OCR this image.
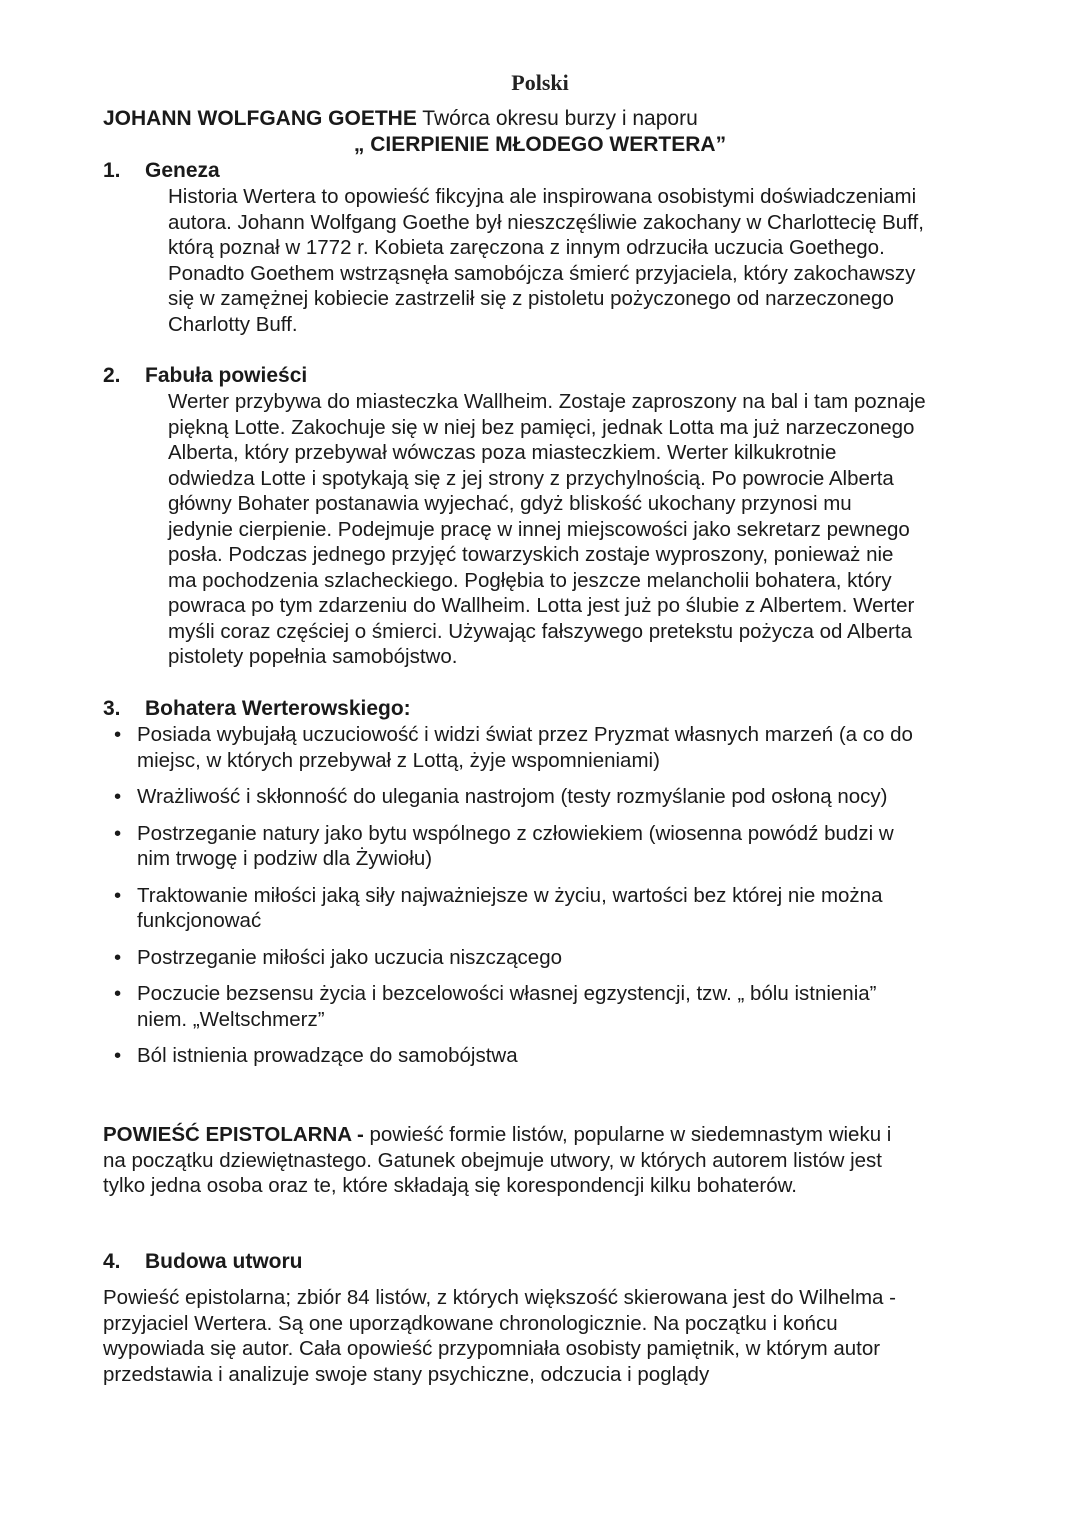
Polski
JOHANN WOLFGANG GOETHE Twórca okresu burzy i naporu
„ CIERPIENIE MŁODEGO WERTERA”
1. Geneza
Historia Wertera to opowieść fikcyjna ale inspirowana osobistymi doświadczeniami
autora. Johann Wolfgang Goethe był nieszczęśliwie zakochany w Charlottecię Buff,
którą poznał w 1772 r. Kobieta zaręczona z innym odrzuciła uczucia Goethego.
Ponadto Goethem wstrząsnęła samobójcza śmierć przyjaciela, który zakochawszy
się w zamężnej kobiecie zastrzelił się z pistoletu pożyczonego od narzeczonego
Charlotty Buff.
2. Fabuła powieści
Werter przybywa do miasteczka Wallheim. Zostaje zaproszony na bal i tam poznaje
piękną Lotte. Zakochuje się w niej bez pamięci, jednak Lotta ma już narzeczonego
Alberta, który przebywał wówczas poza miasteczkiem. Werter kilkukrotnie
odwiedza Lotte i spotykają się z jej strony z przychylnością. Po powrocie Alberta
główny Bohater postanawia wyjechać, gdyż bliskość ukochany przynosi mu
jedynie cierpienie. Podejmuje pracę w innej miejscowości jako sekretarz pewnego
posła. Podczas jednego przyjęć towarzyskich zostaje wyproszony, ponieważ nie
ma pochodzenia szlacheckiego. Pogłębia to jeszcze melancholii bohatera, który
powraca po tym zdarzeniu do Wallheim. Lotta jest już po ślubie z Albertem. Werter
myśli coraz częściej o śmierci. Używając fałszywego pretekstu pożycza od Alberta
pistolety popełnia samobójstwo.
3. Bohatera Werterowskiego:
• Posiada wybujałą uczuciowość i widzi świat przez Pryzmat własnych marzeń (a co do
miejsc, w których przebywał z Lottą, żyje wspomnieniami)
• Wrażliwość i skłonność do ulegania nastrojom (testy rozmyślanie pod osłoną nocy)
• Postrzeganie natury jako bytu wspólnego z człowiekiem (wiosenna powódź budzi w
nim trwogę i podziw dla Żywiołu)
• Traktowanie miłości jaką siły najważniejsze w życiu, wartości bez której nie można
funkcjonować
• Postrzeganie miłości jako uczucia niszczącego
• Poczucie bezsensu życia i bezcelowości własnej egzystencji, tzw. „ bólu istnienia”
niem. „Weltschmerz”
• Ból istnienia prowadzące do samobójstwa
POWIEŚĆ EPISTOLARNA - powieść formie listów, popularne w siedemnastym wieku i
na początku dziewiętnastego. Gatunek obejmuje utwory, w których autorem listów jest
tylko jedna osoba oraz te, które składają się korespondencji kilku bohaterów.
4. Budowa utworu
Powieść epistolarna; zbiór 84 listów, z których większość skierowana jest do Wilhelma -
przyjaciel Wertera. Są one uporządkowane chronologicznie. Na początku i końcu
wypowiada się autor. Cała opowieść przypomniała osobisty pamiętnik, w którym autor
przedstawia i analizuje swoje stany psychiczne, odczucia i poglądy
